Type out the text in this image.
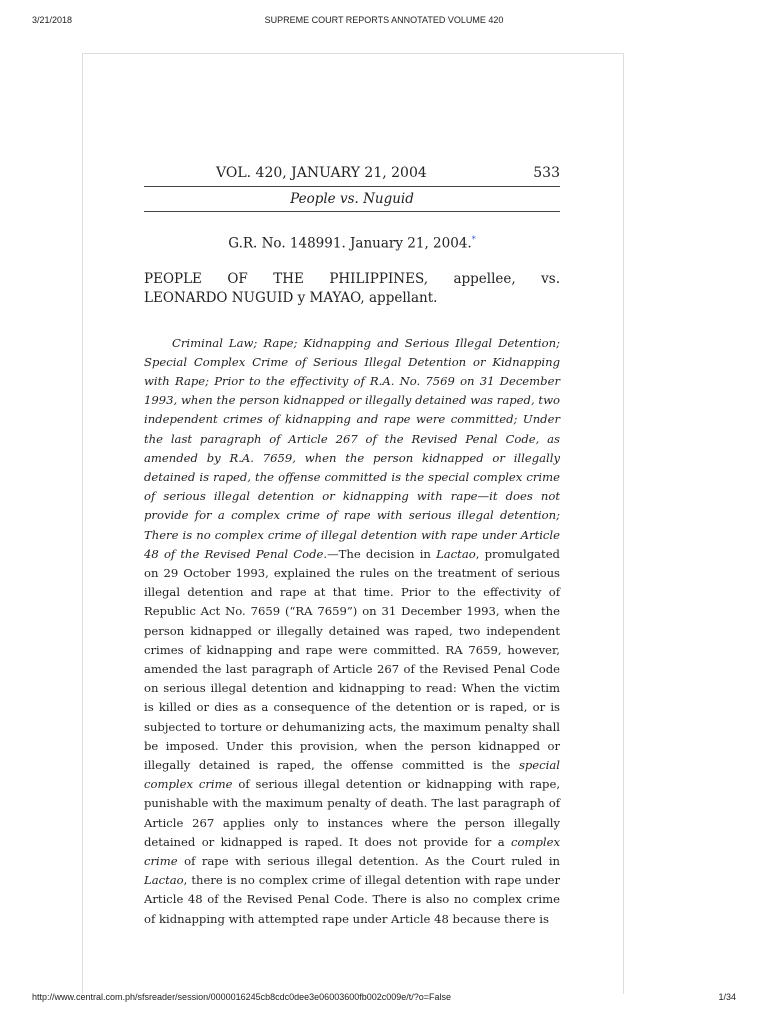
3/21/2018	SUPREME COURT REPORTS ANNOTATED VOLUME 420
VOL. 420, JANUARY 21, 2004	533
People vs. Nuguid
G.R. No. 148991. January 21, 2004.*
PEOPLE OF THE PHILIPPINES, appellee, vs.
LEONARDO NUGUID y MAYAO, appellant.
Criminal Law; Rape; Kidnapping and Serious Illegal Detention; Special Complex Crime of Serious Illegal Detention or Kidnapping with Rape; Prior to the effectivity of R.A. No. 7569 on 31 December 1993, when the person kidnapped or illegally detained was raped, two independent crimes of kidnapping and rape were committed; Under the last paragraph of Article 267 of the Revised Penal Code, as amended by R.A. 7659, when the person kidnapped or illegally detained is raped, the offense committed is the special complex crime of serious illegal detention or kidnapping with rape—it does not provide for a complex crime of rape with serious illegal detention; There is no complex crime of illegal detention with rape under Article 48 of the Revised Penal Code.—The decision in Lactao, promulgated on 29 October 1993, explained the rules on the treatment of serious illegal detention and rape at that time. Prior to the effectivity of Republic Act No. 7659 (“RA 7659”) on 31 December 1993, when the person kidnapped or illegally detained was raped, two independent crimes of kidnapping and rape were committed. RA 7659, however, amended the last paragraph of Article 267 of the Revised Penal Code on serious illegal detention and kidnapping to read: When the victim is killed or dies as a consequence of the detention or is raped, or is subjected to torture or dehumanizing acts, the maximum penalty shall be imposed. Under this provision, when the person kidnapped or illegally detained is raped, the offense committed is the special complex crime of serious illegal detention or kidnapping with rape, punishable with the maximum penalty of death. The last paragraph of Article 267 applies only to instances where the person illegally detained or kidnapped is raped. It does not provide for a complex crime of rape with serious illegal detention. As the Court ruled in Lactao, there is no complex crime of illegal detention with rape under Article 48 of the Revised Penal Code. There is also no complex crime of kidnapping with attempted rape under Article 48 because there is
http://www.central.com.ph/sfsreader/session/0000016245cb8cdc0dee3e06003600fb002c009e/t/?o=False	1/34
